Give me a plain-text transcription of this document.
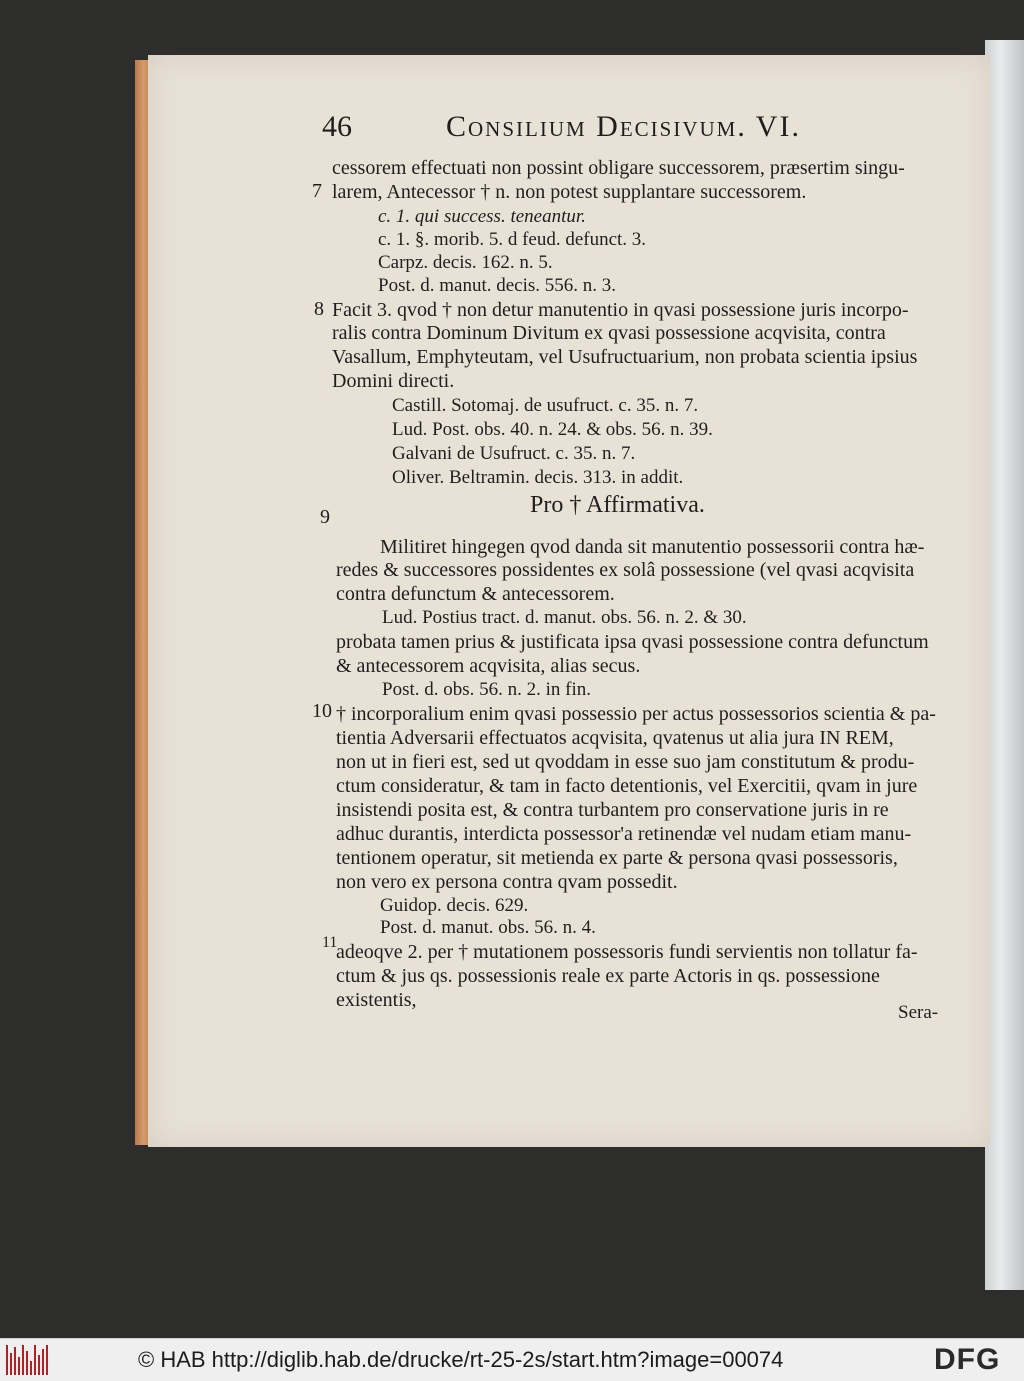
46	Consilium Decisivum. VI.
cessorem effectuati non possint obligare successorem, præsertim singu-
larem, Antecessor † n. non potest supplantare successorem.
c. 1. qui success. teneantur.
c. 1. §. morib. 5. d feud. defunct. 3.
Carpz. decis. 162. n. 5.
Post. d. manut. decis. 556. n. 3.
Facit 3. qvod † non detur manutentio in qvasi possessione juris incorpo-
ralis contra Dominum Divitum ex qvasi possessione acqvisita, contra
Vasallum, Emphyteutam, vel Usufructuarium, non probata scientia ipsius
Domini directi.
Castill. Sotomaj. de usufruct. c. 35. n. 7.
Lud. Post. obs. 40. n. 24. & obs. 56. n. 39.
Galvani de Usufruct. c. 35. n. 7.
Oliver. Beltramin. decis. 313. in addit.
Pro † Affirmativa.
Militiret hingegen qvod danda sit manutentio possessorii contra hæ-
redes & successores possidentes ex solâ possessione (vel qvasi acqvisita
contra defunctum & antecessorem.
Lud. Postius tract. d. manut. obs. 56. n. 2. & 30.
probata tamen prius & justificata ipsa qvasi possessione contra defunctum
& antecessorem acqvisita, alias secus.
Post. d. obs. 56. n. 2. in fin.
† incorporalium enim qvasi possessio per actus possessorios scientia & pa-
tientia Adversarii effectuatos acqvisita, qvatenus ut alia jura IN REM,
non ut in fieri est, sed ut qvoddam in esse suo jam constitutum & produ-
ctum consideratur, & tam in facto detentionis, vel Exercitii, qvam in jure
insistendi posita est, & contra turbantem pro conservatione juris in re
adhuc durantis, interdicta possessor'a retinendæ vel nudam etiam manu-
tentionem operatur, sit metienda ex parte & persona qvasi possessoris,
non vero ex persona contra qvam possedit.
Guidop. decis. 629.
Post. d. manut. obs. 56. n. 4.
adeoqve 2. per † mutationem possessoris fundi servientis non tollatur fa-
ctum & jus qs. possessionis reale ex parte Actoris in qs. possessione
existentis,
7
8
9
10
11
Sera-
© HAB http://diglib.hab.de/drucke/rt-25-2s/start.htm?image=00074	DFG
